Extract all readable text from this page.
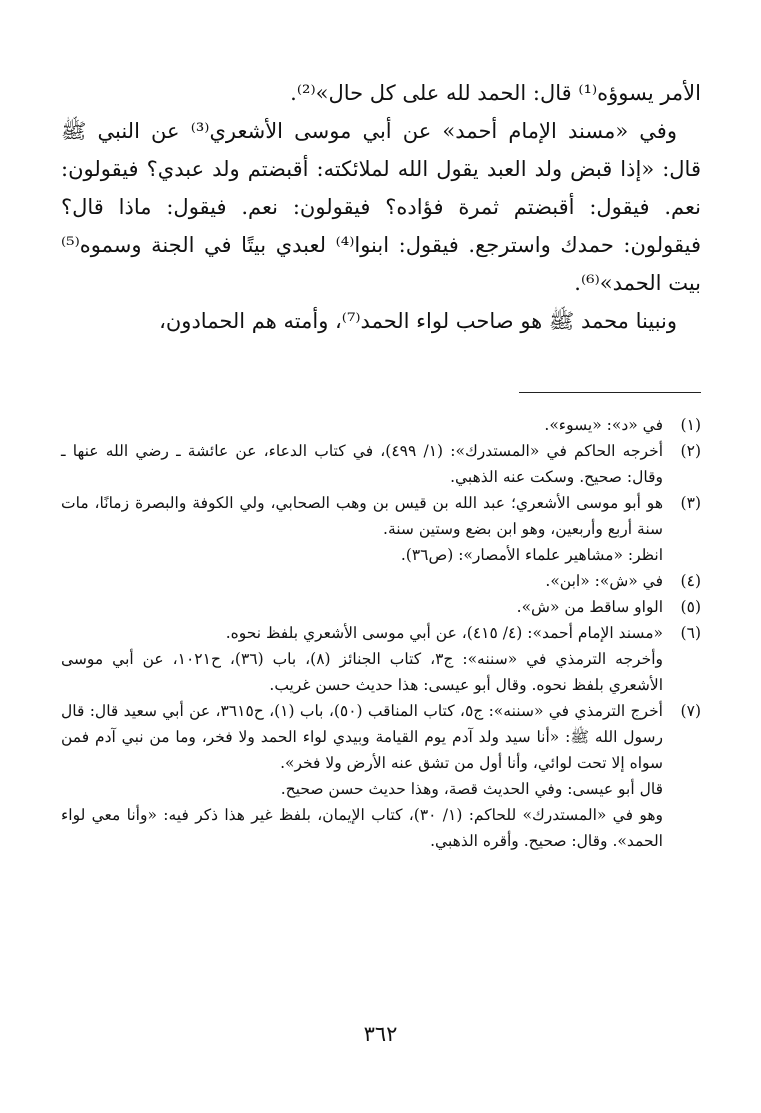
الأمر يسوؤه⁽¹⁾ قال: الحمد لله على كل حال»⁽²⁾.

وفي «مسند الإمام أحمد» عن أبي موسى الأشعري⁽³⁾ عن النبي ﷺ قال: «إذا قبض ولد العبد يقول الله لملائكته: أقبضتم ولد عبدي؟ فيقولون: نعم. فيقول: أقبضتم ثمرة فؤاده؟ فيقولون: نعم. فيقول: ماذا قال؟ فيقولون: حمدك واسترجع. فيقول: ابنوا⁽⁴⁾ لعبدي بيتًا في الجنة وسموه⁽⁵⁾ بيت الحمد»⁽⁶⁾.

ونبينا محمد ﷺ هو صاحب لواء الحمد⁽⁷⁾، وأمته هم الحمادون،

(١)
في «د»: «يسوء».
(٢)
أخرجه الحاكم في «المستدرك»: (١/ ٤٩٩)، في كتاب الدعاء، عن عائشة ـ رضي الله عنها ـ وقال: صحيح. وسكت عنه الذهبي.
(٣)
هو أبو موسى الأشعري؛ عبد الله بن قيس بن وهب الصحابي، ولي الكوفة والبصرة زمانًا، مات سنة أربع وأربعين، وهو ابن بضع وستين سنة.
انظر: «مشاهير علماء الأمصار»: (ص٣٦).
(٤)
في «ش»: «ابن».
(٥)
الواو ساقط من «ش».
(٦)
«مسند الإمام أحمد»: (٤/ ٤١٥)، عن أبي موسى الأشعري بلفظ نحوه.
وأخرجه الترمذي في «سننه»: ج٣، كتاب الجنائز (٨)، باب (٣٦)، ح١٠٢١، عن أبي موسى الأشعري بلفظ نحوه. وقال أبو عيسى: هذا حديث حسن غريب.
(٧)
أخرج الترمذي في «سننه»: ج٥، كتاب المناقب (٥٠)، باب (١)، ح٣٦١٥، عن أبي سعيد قال: قال رسول الله ﷺ: «أنا سيد ولد آدم يوم القيامة وبيدي لواء الحمد ولا فخر، وما من نبي آدم فمن سواه إلا تحت لوائي، وأنا أول من تشق عنه الأرض ولا فخر».
قال أبو عيسى: وفي الحديث قصة، وهذا حديث حسن صحيح.
وهو في «المستدرك» للحاكم: (١/ ٣٠)، كتاب الإيمان، بلفظ غير هذا ذكر فيه: «وأنا معي لواء الحمد». وقال: صحيح. وأقره الذهبي.
٣٦٢
